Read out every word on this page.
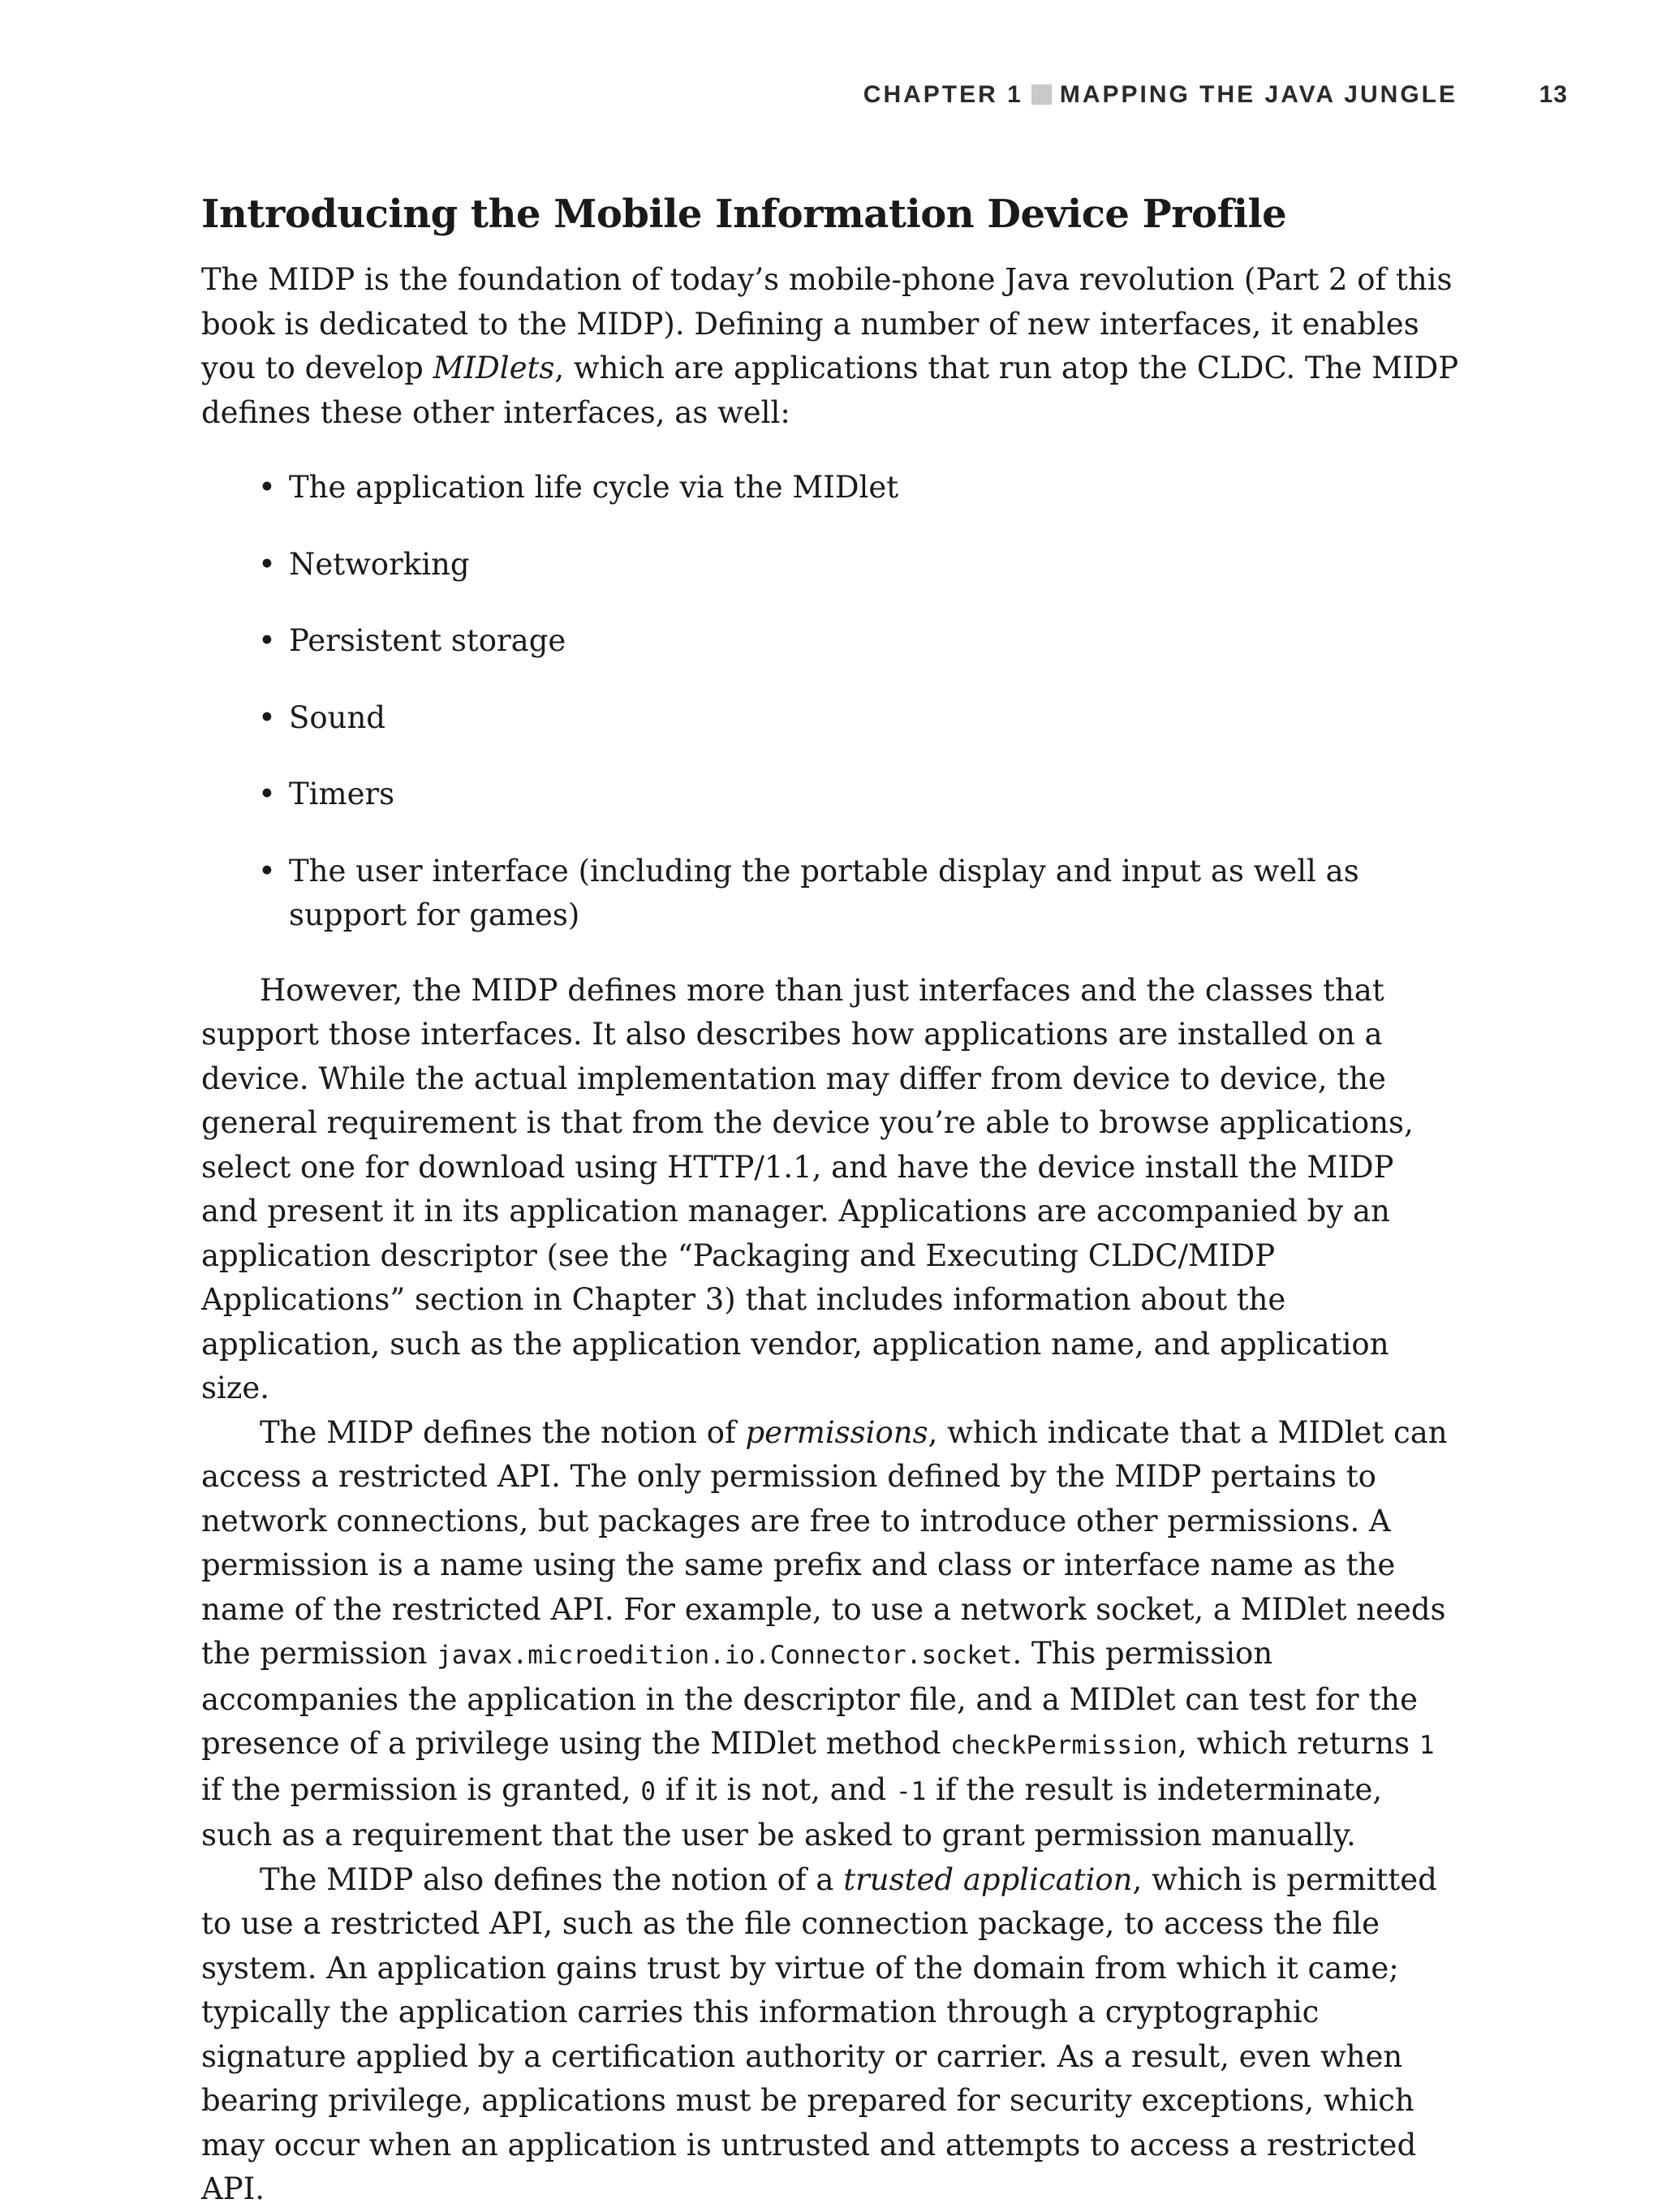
CHAPTER 1 MAPPING THE JAVA JUNGLE	13
Introducing the Mobile Information Device Profile

The MIDP is the foundation of today’s mobile-phone Java revolution (Part 2 of this book is dedicated to the MIDP). Defining a number of new interfaces, it enables you to develop MIDlets, which are applications that run atop the CLDC. The MIDP defines these other interfaces, as well:

• The application life cycle via the MIDlet
• Networking
• Persistent storage
• Sound
• Timers
• The user interface (including the portable display and input as well as support for games)

However, the MIDP defines more than just interfaces and the classes that support those interfaces. It also describes how applications are installed on a device. While the actual implementation may differ from device to device, the general requirement is that from the device you’re able to browse applications, select one for download using HTTP/1.1, and have the device install the MIDP and present it in its application manager. Applications are accompanied by an application descriptor (see the “Packaging and Executing CLDC/MIDP Applications” section in Chapter 3) that includes information about the application, such as the application vendor, application name, and application size.

The MIDP defines the notion of permissions, which indicate that a MIDlet can access a restricted API. The only permission defined by the MIDP pertains to network connections, but packages are free to introduce other permissions. A permission is a name using the same prefix and class or interface name as the name of the restricted API. For example, to use a network socket, a MIDlet needs the permission javax.microedition.io.Connector.socket. This permission accompanies the application in the descriptor file, and a MIDlet can test for the presence of a privilege using the MIDlet method checkPermission, which returns 1 if the permission is granted, 0 if it is not, and -1 if the result is indeterminate, such as a requirement that the user be asked to grant permission manually.

The MIDP also defines the notion of a trusted application, which is permitted to use a restricted API, such as the file connection package, to access the file system. An application gains trust by virtue of the domain from which it came; typically the application carries this information through a cryptographic signature applied by a certification authority or carrier. As a result, even when bearing privilege, applications must be prepared for security exceptions, which may occur when an application is untrusted and attempts to access a restricted API.
